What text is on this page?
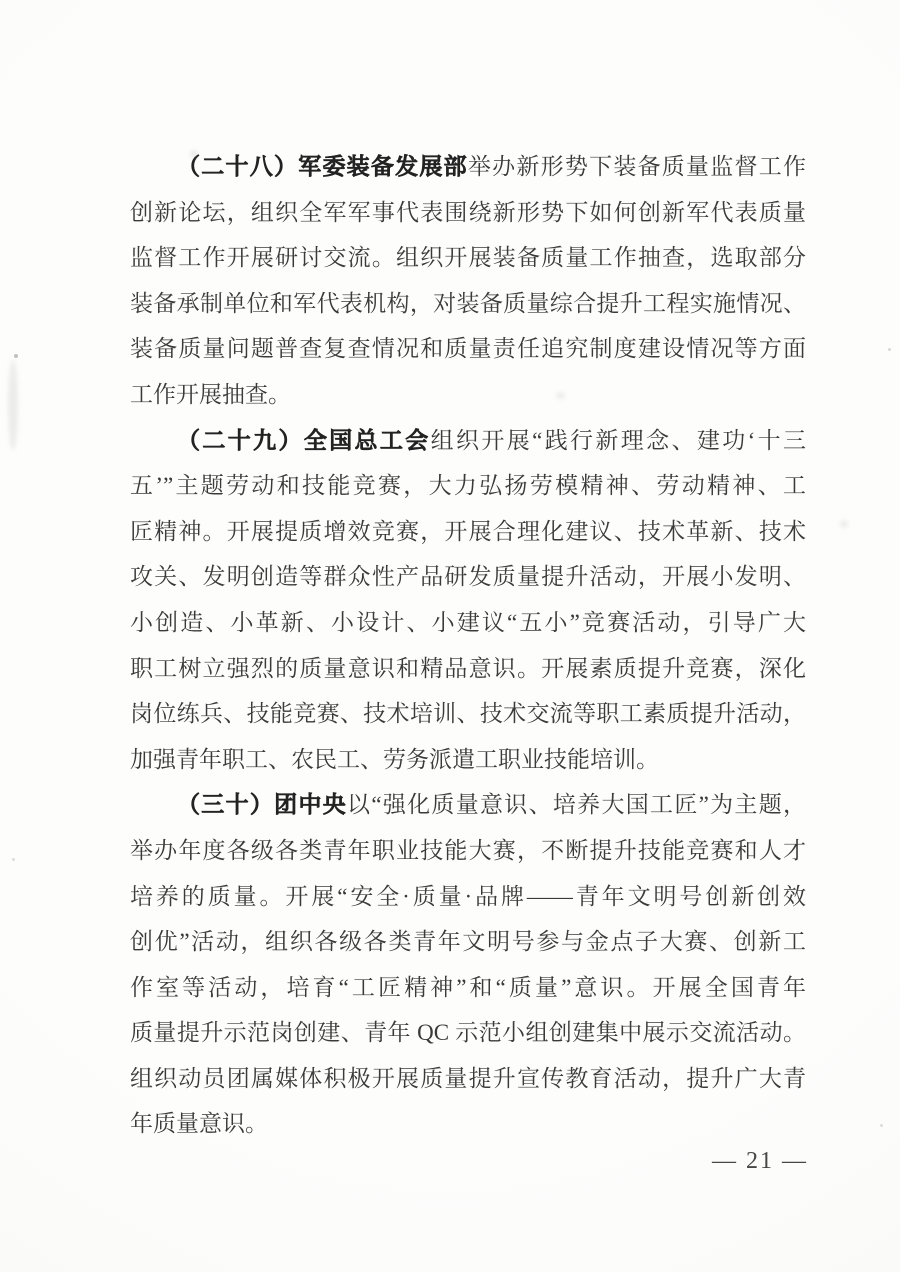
（二十八）军委装备发展部举办新形势下装备质量监督工作
创新论坛，组织全军军事代表围绕新形势下如何创新军代表质量
监督工作开展研讨交流。组织开展装备质量工作抽查，选取部分
装备承制单位和军代表机构，对装备质量综合提升工程实施情况、
装备质量问题普查复查情况和质量责任追究制度建设情况等方面
工作开展抽查。
（二十九）全国总工会组织开展“践行新理念、建功‘十三
五’”主题劳动和技能竞赛，大力弘扬劳模精神、劳动精神、工
匠精神。开展提质增效竞赛，开展合理化建议、技术革新、技术
攻关、发明创造等群众性产品研发质量提升活动，开展小发明、
小创造、小革新、小设计、小建议“五小”竞赛活动，引导广大
职工树立强烈的质量意识和精品意识。开展素质提升竞赛，深化
岗位练兵、技能竞赛、技术培训、技术交流等职工素质提升活动，
加强青年职工、农民工、劳务派遣工职业技能培训。
（三十）团中央以“强化质量意识、培养大国工匠”为主题，
举办年度各级各类青年职业技能大赛，不断提升技能竞赛和人才
培养的质量。开展“安全·质量·品牌——青年文明号创新创效
创优”活动，组织各级各类青年文明号参与金点子大赛、创新工
作室等活动，培育“工匠精神”和“质量”意识。开展全国青年
质量提升示范岗创建、青年 QC 示范小组创建集中展示交流活动。
组织动员团属媒体积极开展质量提升宣传教育活动，提升广大青
年质量意识。
— 21 —
